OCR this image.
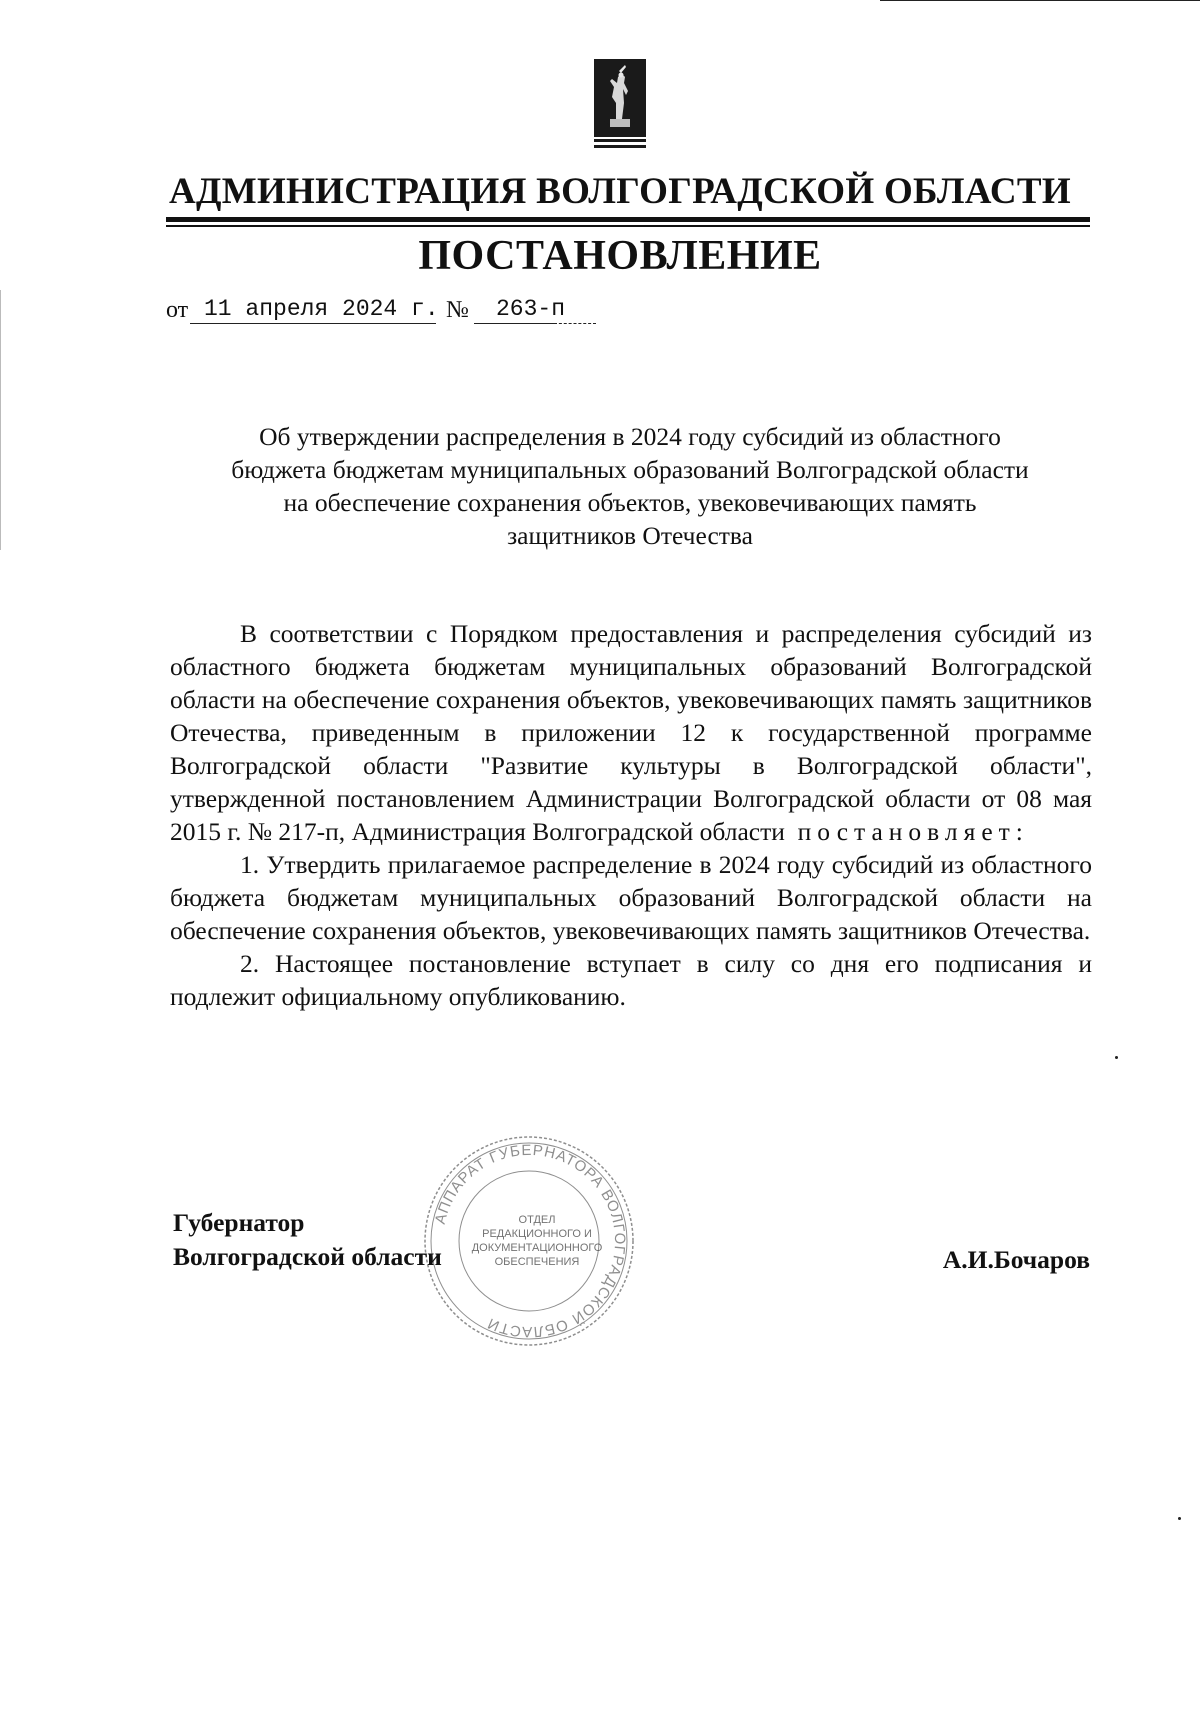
АДМИНИСТРАЦИЯ ВОЛГОГРАДСКОЙ ОБЛАСТИ
ПОСТАНОВЛЕНИЕ
от 11 апреля 2024 г. № 263-п
Об утверждении распределения в 2024 году субсидий из областного
бюджета бюджетам муниципальных образований Волгоградской области
на обеспечение сохранения объектов, увековечивающих память
защитников Отечества

В соответствии с Порядком предоставления и распределения субсидий из областного бюджета бюджетам муниципальных образований Волгоградской области на обеспечение сохранения объектов, увековечивающих память защитников Отечества, приведенным в приложении 12 к государственной программе Волгоградской области "Развитие культуры в Волгоградской области", утвержденной постановлением Администрации Волгоградской области от 08 мая 2015 г. № 217-п, Администрация Волгоградской области постановляет:

1. Утвердить прилагаемое распределение в 2024 году субсидий из областного бюджета бюджетам муниципальных образований Волгоградской области на обеспечение сохранения объектов, увековечивающих память защитников Отечества.

2. Настоящее постановление вступает в силу со дня его подписания и подлежит официальному опубликованию.

Губернатор
Волгоградской области	А.И.Бочаров
АППАРАТ ГУБЕРНАТОРА ВОЛГОГРАДСКОЙ ОБЛАСТИ
ОТДЕЛ
РЕДАКЦИОННОГО И
ДОКУМЕНТАЦИОННОГО
ОБЕСПЕЧЕНИЯ
